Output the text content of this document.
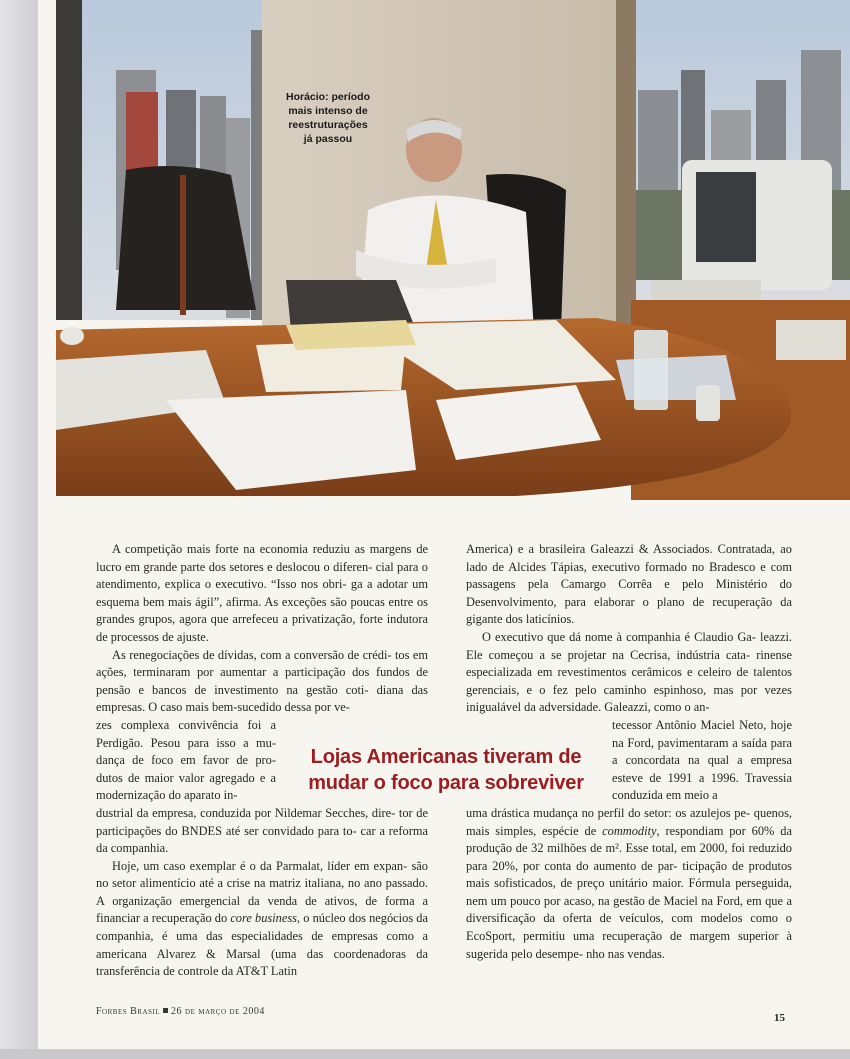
Horácio: período
mais intenso de
reestruturações
já passou

A competição mais forte na economia reduziu as margens de lucro em grande parte dos setores e deslocou o diferen- cial para o atendimento, explica o executivo. “Isso nos obri- ga a adotar um esquema bem mais ágil”, afirma. As exceções são poucas entre os grandes grupos, agora que arrefeceu a privatização, forte indutora de processos de ajuste.

As renegociações de dívidas, com a conversão de crédi- tos em ações, terminaram por aumentar a participação dos fundos de pensão e bancos de investimento na gestão coti- diana das empresas. O caso mais bem-sucedido dessa por ve-

zes complexa convivência foi a Perdigão. Pesou para isso a mu- dança de foco em favor de pro- dutos de maior valor agregado e a modernização do aparato in-

dustrial da empresa, conduzida por Nildemar Secches, dire- tor de participações do BNDES até ser convidado para to- car a reforma da companhia.

Hoje, um caso exemplar é o da Parmalat, líder em expan- são no setor alimentício até a crise na matriz italiana, no ano passado. A organização emergencial da venda de ativos, de forma a financiar a recuperação do core business, o núcleo dos negócios da companhia, é uma das especialidades de empresas como a americana Alvarez & Marsal (uma das coordenadoras da transferência de controle da AT&T Latin

Lojas Americanas tiveram de mudar o foco para sobreviver

America) e a brasileira Galeazzi & Associados. Contratada, ao lado de Alcides Tápias, executivo formado no Bradesco e com passagens pela Camargo Corrêa e pelo Ministério do Desenvolvimento, para elaborar o plano de recuperação da gigante dos laticínios.

O executivo que dá nome à companhia é Claudio Ga- leazzi. Ele começou a se projetar na Cecrisa, indústria cata- rinense especializada em revestimentos cerâmicos e celeiro de talentos gerenciais, e o fez pelo caminho espinhoso, mas por vezes inigualável da adversidade. Galeazzi, como o an-

tecessor Antônio Maciel Neto, hoje na Ford, pavimentaram a saída para a concordata na qual a empresa esteve de 1991 a 1996. Travessia conduzida em meio a

uma drástica mudança no perfil do setor: os azulejos pe- quenos, mais simples, espécie de commodity, respondiam por 60% da produção de 32 milhões de m². Esse total, em 2000, foi reduzido para 20%, por conta do aumento de par- ticipação de produtos mais sofisticados, de preço unitário maior. Fórmula perseguida, nem um pouco por acaso, na gestão de Maciel na Ford, em que a diversificação da oferta de veículos, com modelos como o EcoSport, permitiu uma recuperação de margem superior à sugerida pelo desempe- nho nas vendas.

Forbes Brasil 26 de março de 2004
15
